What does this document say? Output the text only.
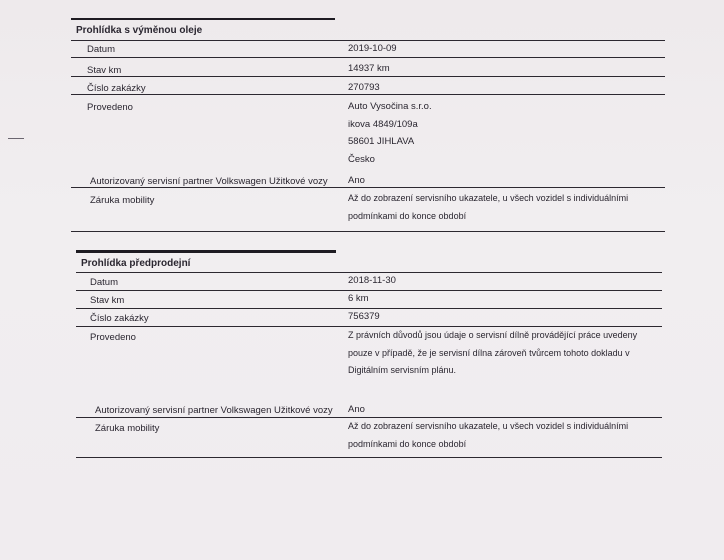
Prohlídka s výměnou oleje
Datum	2019-10-09
Stav km	14937 km
Číslo zakázky	270793
Provedeno	Auto Vysočina s.r.o.
ikova 4849/109a
58601 JIHLAVA
Česko
Autorizovaný servisní partner Volkswagen Užitkové vozy Ano
Záruka mobility	Až do zobrazení servisního ukazatele, u všech vozidel s individuálními
podmínkami do konce období
Prohlídka předprodejní
Datum	2018-11-30
Stav km	6 km
Číslo zakázky	756379
Provedeno	Z právních důvodů jsou údaje o servisní dílně provádějící práce uvedeny
pouze v případě, že je servisní dílna zároveň tvůrcem tohoto dokladu v
Digitálním servisním plánu.
Autorizovaný servisní partner Volkswagen Užitkové vozy Ano
Záruka mobility	Až do zobrazení servisního ukazatele, u všech vozidel s individuálními
podmínkami do konce období
